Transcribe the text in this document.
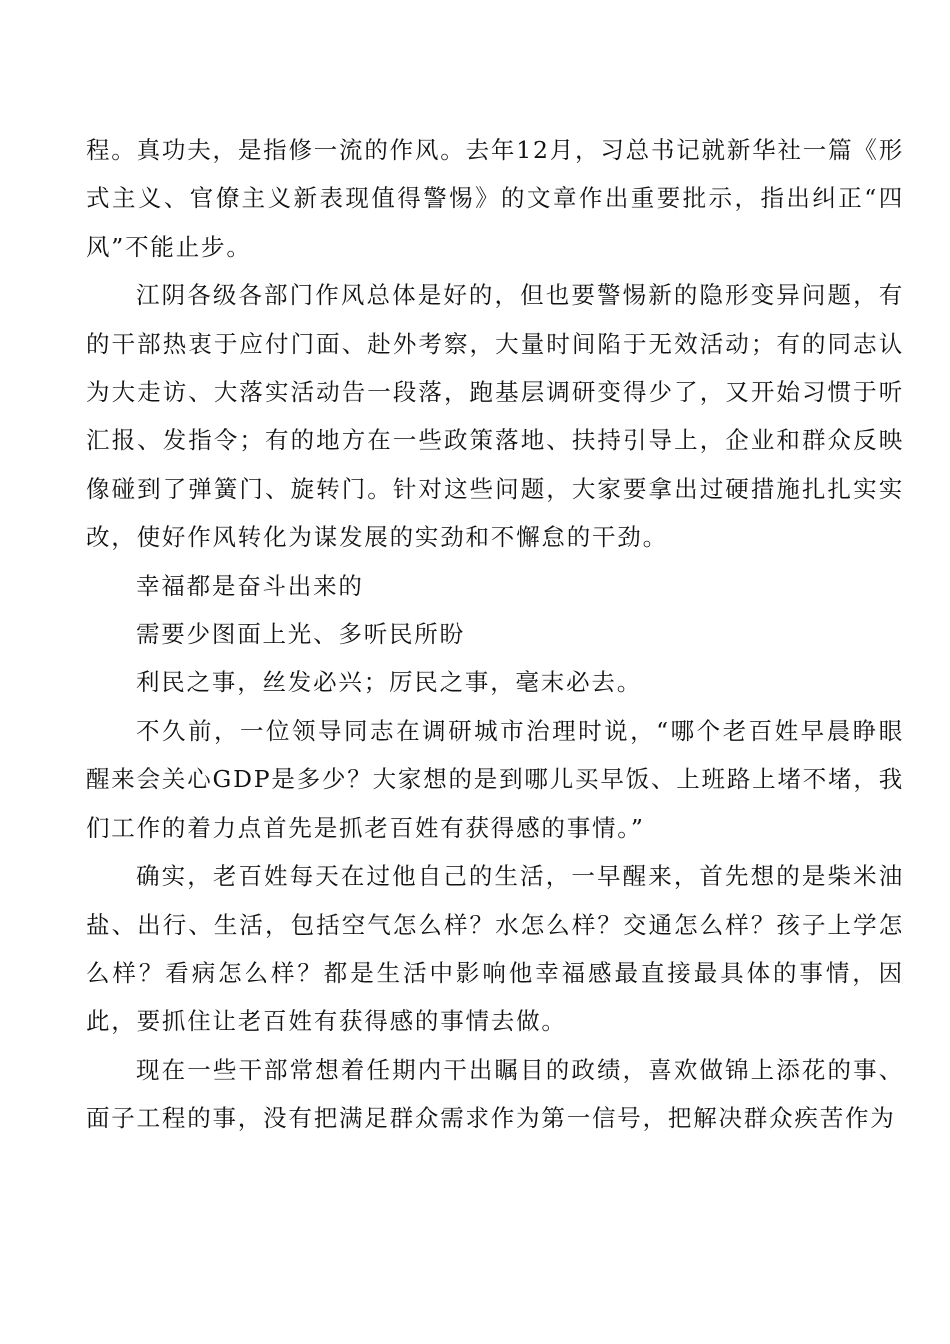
程。真功夫，是指修一流的作风。去年12月，习总书记就新华社一篇《形式主义、官僚主义新表现值得警惕》的文章作出重要批示，指出纠正“四风”不能止步。

江阴各级各部门作风总体是好的，但也要警惕新的隐形变异问题，有的干部热衷于应付门面、赴外考察，大量时间陷于无效活动；有的同志认为大走访、大落实活动告一段落，跑基层调研变得少了，又开始习惯于听汇报、发指令；有的地方在一些政策落地、扶持引导上，企业和群众反映像碰到了弹簧门、旋转门。针对这些问题，大家要拿出过硬措施扎扎实实改，使好作风转化为谋发展的实劲和不懈怠的干劲。

幸福都是奋斗出来的

需要少图面上光、多听民所盼

利民之事，丝发必兴；厉民之事，毫末必去。

不久前，一位领导同志在调研城市治理时说，“哪个老百姓早晨睁眼醒来会关心GDP是多少？大家想的是到哪儿买早饭、上班路上堵不堵，我们工作的着力点首先是抓老百姓有获得感的事情。”

确实，老百姓每天在过他自己的生活，一早醒来，首先想的是柴米油盐、出行、生活，包括空气怎么样？水怎么样？交通怎么样？孩子上学怎么样？看病怎么样？都是生活中影响他幸福感最直接最具体的事情，因此，要抓住让老百姓有获得感的事情去做。

现在一些干部常想着任期内干出瞩目的政绩，喜欢做锦上添花的事、面子工程的事，没有把满足群众需求作为第一信号，把解决群众疾苦作为
